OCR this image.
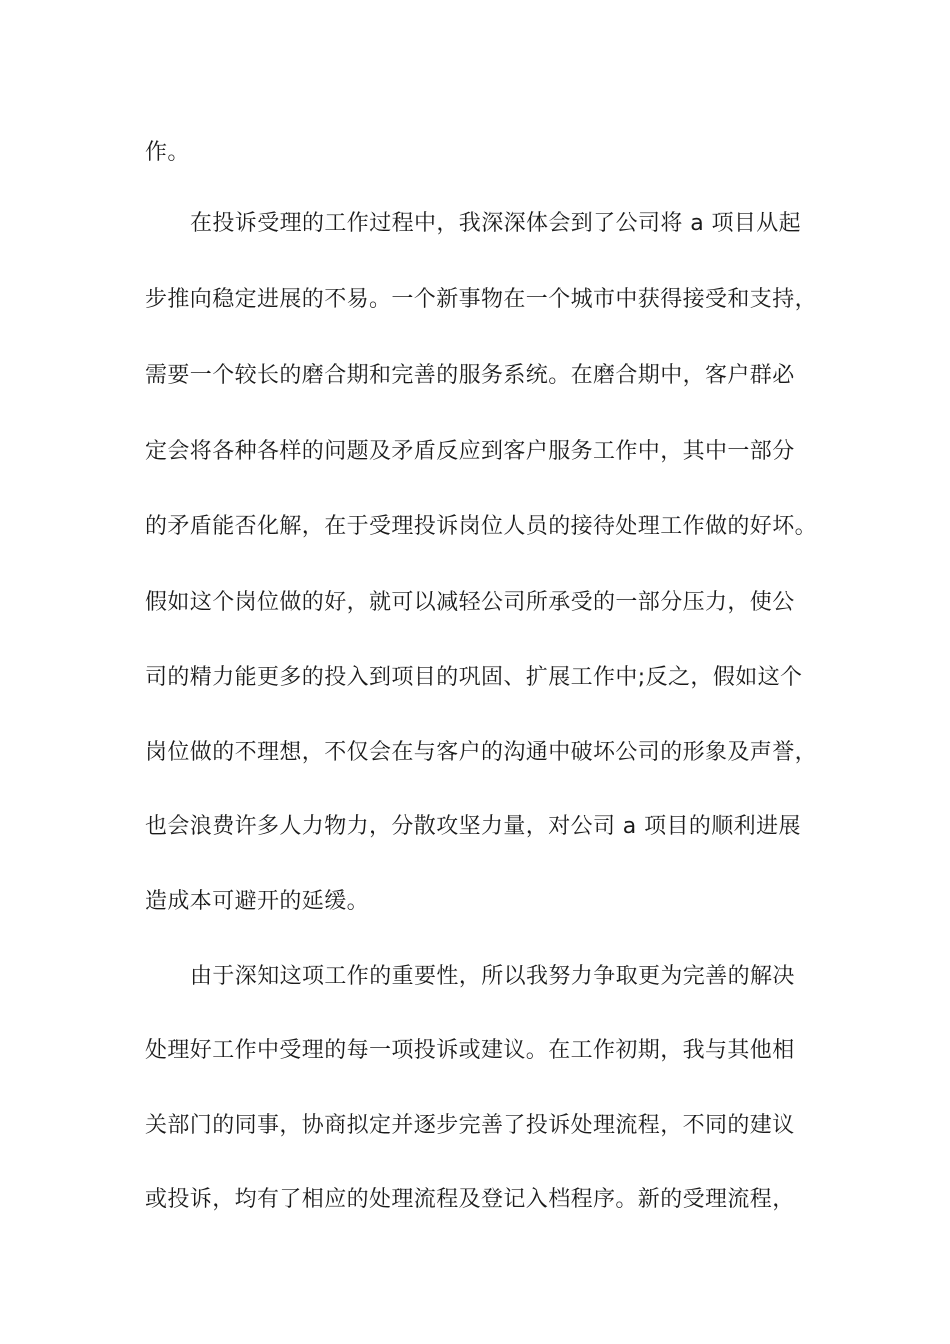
作。
在投诉受理的工作过程中，我深深体会到了公司将 a 项目从起
步推向稳定进展的不易。一个新事物在一个城市中获得接受和支持，
需要一个较长的磨合期和完善的服务系统。在磨合期中，客户群必
定会将各种各样的问题及矛盾反应到客户服务工作中，其中一部分
的矛盾能否化解，在于受理投诉岗位人员的接待处理工作做的好坏。
假如这个岗位做的好，就可以减轻公司所承受的一部分压力，使公
司的精力能更多的投入到项目的巩固、扩展工作中;反之，假如这个
岗位做的不理想，不仅会在与客户的沟通中破坏公司的形象及声誉，
也会浪费许多人力物力，分散攻坚力量，对公司 a 项目的顺利进展
造成本可避开的延缓。
由于深知这项工作的重要性，所以我努力争取更为完善的解决
处理好工作中受理的每一项投诉或建议。在工作初期，我与其他相
关部门的同事，协商拟定并逐步完善了投诉处理流程，不同的建议
或投诉，均有了相应的处理流程及登记入档程序。新的受理流程，
